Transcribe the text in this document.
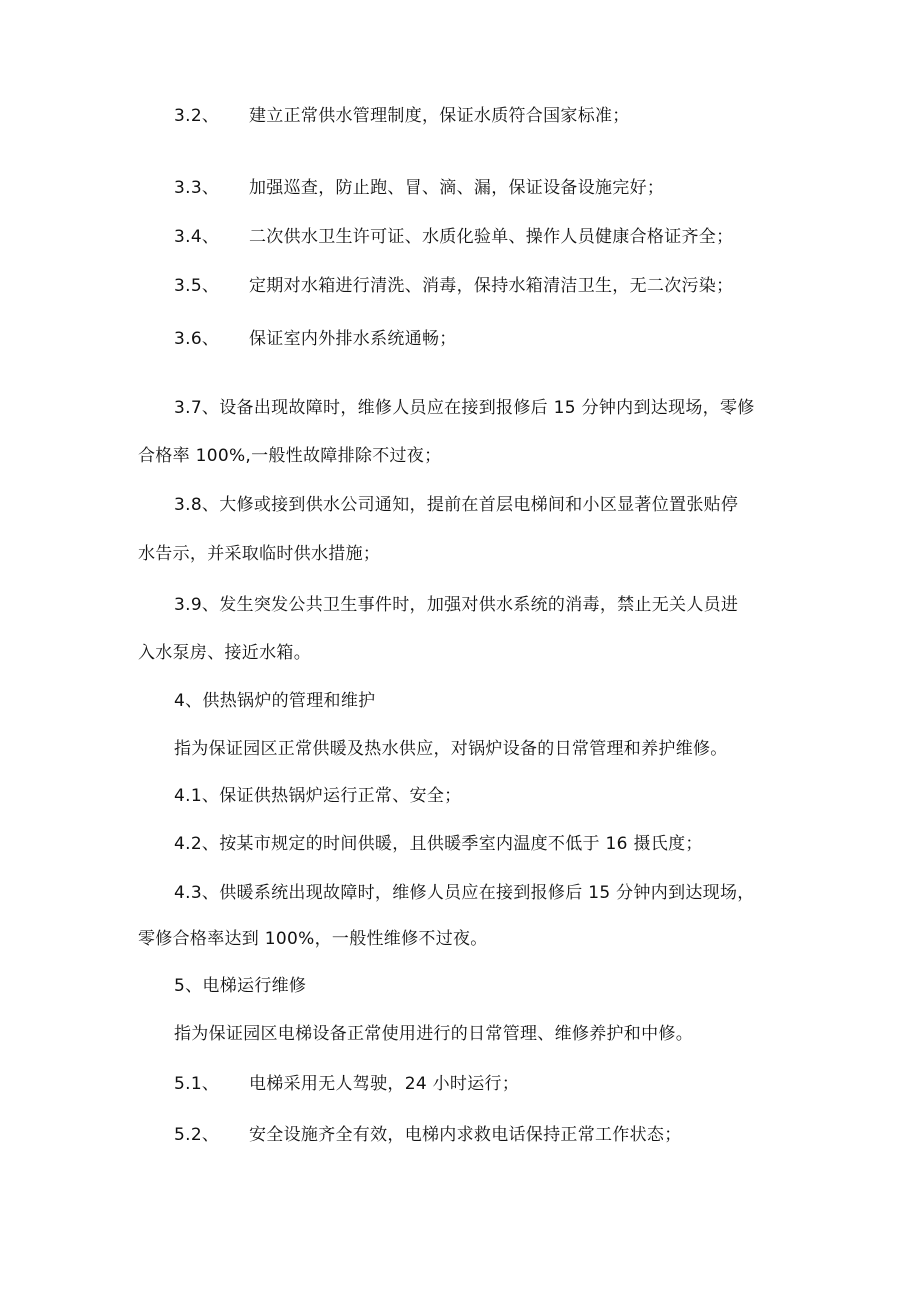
3.2、 建立正常供水管理制度，保证水质符合国家标准；
3.3、 加强巡查，防止跑、冒、滴、漏，保证设备设施完好；
3.4、 二次供水卫生许可证、水质化验单、操作人员健康合格证齐全；
3.5、 定期对水箱进行清洗、消毒，保持水箱清洁卫生，无二次污染；
3.6、 保证室内外排水系统通畅；
3.7、设备出现故障时，维修人员应在接到报修后 15 分钟内到达现场，零修
合格率 100%,一般性故障排除不过夜；
3.8、大修或接到供水公司通知，提前在首层电梯间和小区显著位置张贴停
水告示，并采取临时供水措施；
3.9、发生突发公共卫生事件时，加强对供水系统的消毒，禁止无关人员进
入水泵房、接近水箱。
4、供热锅炉的管理和维护
指为保证园区正常供暖及热水供应，对锅炉设备的日常管理和养护维修。
4.1、保证供热锅炉运行正常、安全；
4.2、按某市规定的时间供暖，且供暖季室内温度不低于 16 摄氏度；
4.3、供暖系统出现故障时，维修人员应在接到报修后 15 分钟内到达现场，
零修合格率达到 100%，一般性维修不过夜。
5、电梯运行维修
指为保证园区电梯设备正常使用进行的日常管理、维修养护和中修。
5.1、 电梯采用无人驾驶，24 小时运行；
5.2、 安全设施齐全有效，电梯内求救电话保持正常工作状态；
